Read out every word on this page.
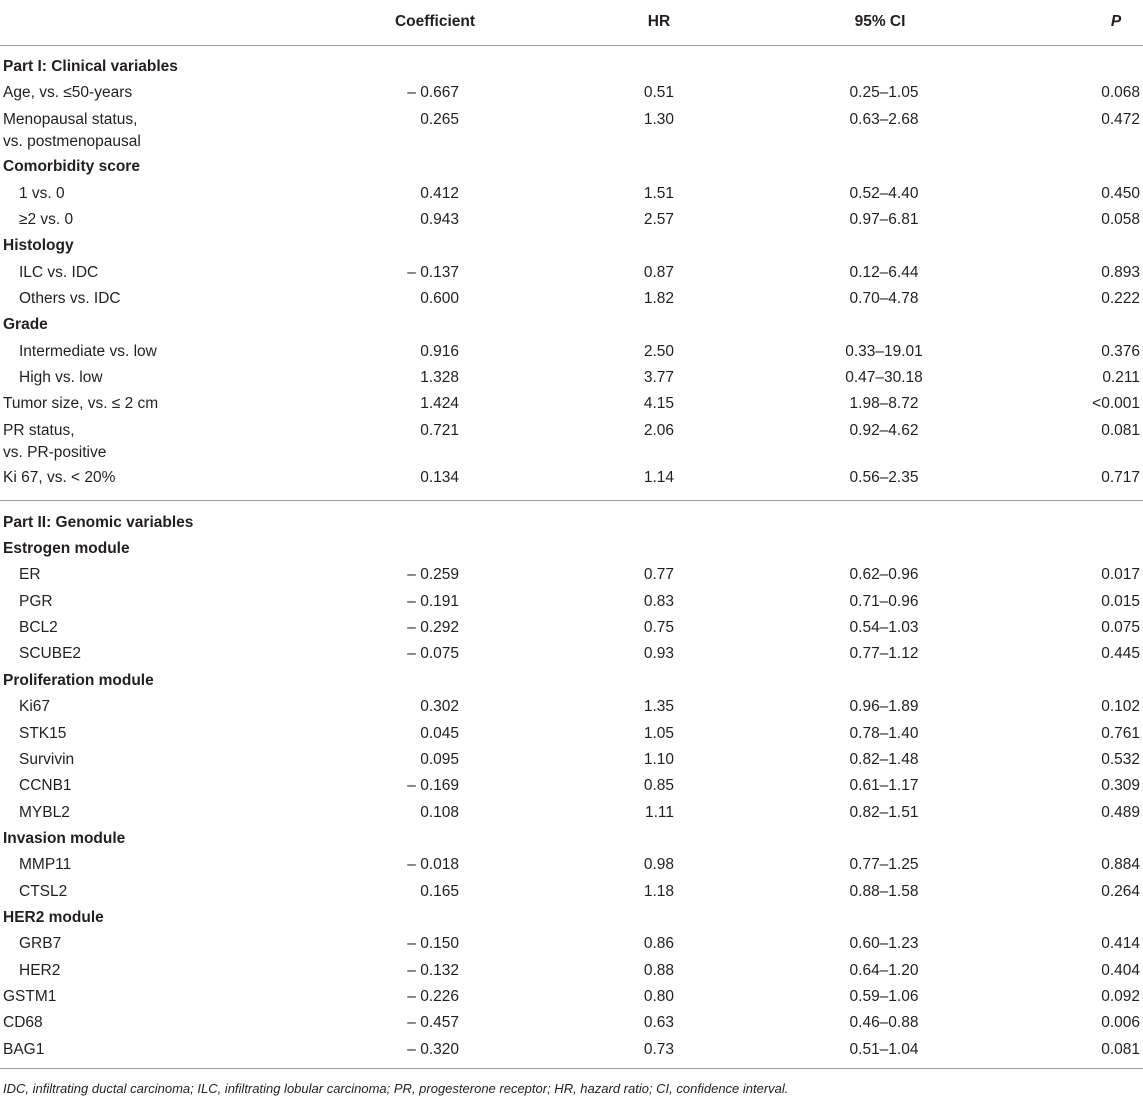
Coefficient	HR	95% CI	P
Part I: Clinical variables
Age, vs. ≤50-years	– 0.667	0.51	0.25–1.05	0.068
Menopausal status,
vs. postmenopausal
0.265	1.30	0.63–2.68	0.472
Comorbidity score
1 vs. 0	0.412	1.51	0.52–4.40	0.450
≥2 vs. 0	0.943	2.57	0.97–6.81	0.058
Histology
ILC vs. IDC	– 0.137	0.87	0.12–6.44	0.893
Others vs. IDC	0.600	1.82	0.70–4.78	0.222
Grade
Intermediate vs. low	0.916	2.50	0.33–19.01	0.376
High vs. low	1.328	3.77	0.47–30.18	0.211
Tumor size, vs. ≤ 2 cm	1.424	4.15	1.98–8.72	<0.001
PR status,
vs. PR-positive
0.721	2.06	0.92–4.62	0.081
Ki 67, vs. < 20%	0.134	1.14	0.56–2.35	0.717
Part II: Genomic variables
Estrogen module
ER	– 0.259	0.77	0.62–0.96	0.017
PGR	– 0.191	0.83	0.71–0.96	0.015
BCL2	– 0.292	0.75	0.54–1.03	0.075
SCUBE2	– 0.075	0.93	0.77–1.12	0.445
Proliferation module
Ki67	0.302	1.35	0.96–1.89	0.102
STK15	0.045	1.05	0.78–1.40	0.761
Survivin	0.095	1.10	0.82–1.48	0.532
CCNB1	– 0.169	0.85	0.61–1.17	0.309
MYBL2	0.108	1.11	0.82–1.51	0.489
Invasion module
MMP11	– 0.018	0.98	0.77–1.25	0.884
CTSL2	0.165	1.18	0.88–1.58	0.264
HER2 module
GRB7	– 0.150	0.86	0.60–1.23	0.414
HER2	– 0.132	0.88	0.64–1.20	0.404
GSTM1	– 0.226	0.80	0.59–1.06	0.092
CD68	– 0.457	0.63	0.46–0.88	0.006
BAG1	– 0.320	0.73	0.51–1.04	0.081
IDC, infiltrating ductal carcinoma; ILC, infiltrating lobular carcinoma; PR, progesterone receptor; HR, hazard ratio; CI, confidence interval.
